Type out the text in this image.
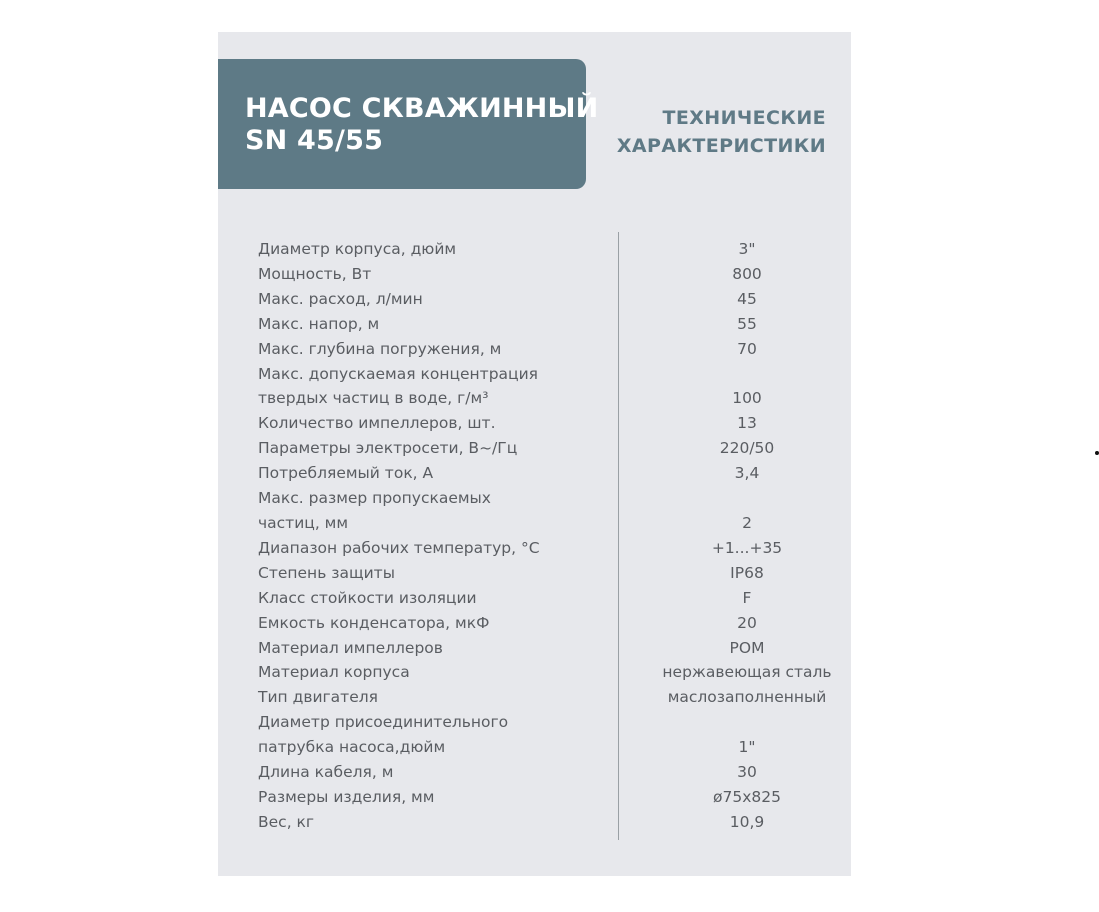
НАСОС СКВАЖИННЫЙ
SN 45/55
ТЕХНИЧЕСКИЕ
ХАРАКТЕРИСТИКИ
Диаметр корпуса, дюйм	3"
Мощность, Вт	800
Макс. расход, л/мин	45
Макс. напор, м	55
Макс. глубина погружения, м	70
Макс. допускаемая концентрация
твердых частиц в воде, г/м³	100
Количество импеллеров, шт.	13
Параметры электросети, В~/Гц	220/50
Потребляемый ток, А	3,4
Макс. размер пропускаемых
частиц, мм	2
Диапазон рабочих температур, °C	+1...+35
Степень защиты	IP68
Класс стойкости изоляции	F
Емкость конденсатора, мкФ	20
Материал импеллеров	POM
Материал корпуса	нержавеющая сталь
Тип двигателя	маслозаполненный
Диаметр присоединительного
патрубка насоса,дюйм	1"
Длина кабеля, м	30
Размеры изделия, мм	ø75х825
Вес, кг	10,9
